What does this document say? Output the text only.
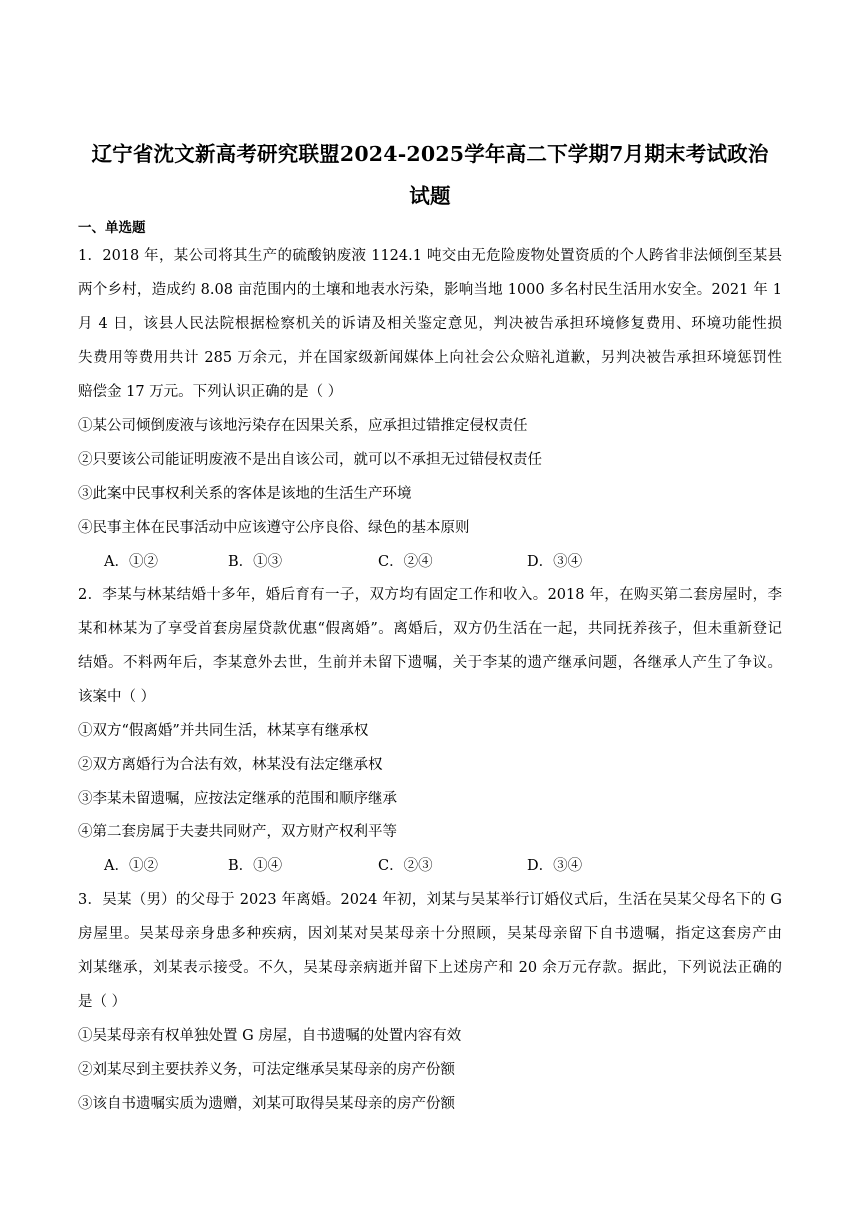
辽宁省沈文新高考研究联盟2024-2025学年高二下学期7月期末考试政治
试题
一、单选题
1．2018 年，某公司将其生产的硫酸钠废液 1124.1 吨交由无危险废物处置资质的个人跨省非法倾倒至某县
两个乡村，造成约 8.08 亩范围内的土壤和地表水污染，影响当地 1000 多名村民生活用水安全。2021 年 1
月 4 日，该县人民法院根据检察机关的诉请及相关鉴定意见，判决被告承担环境修复费用、环境功能性损
失费用等费用共计 285 万余元，并在国家级新闻媒体上向社会公众赔礼道歉，另判决被告承担环境惩罚性
赔偿金 17 万元。下列认识正确的是（ ）
①某公司倾倒废液与该地污染存在因果关系，应承担过错推定侵权责任
②只要该公司能证明废液不是出自该公司，就可以不承担无过错侵权责任
③此案中民事权利关系的客体是该地的生活生产环境
④民事主体在民事活动中应该遵守公序良俗、绿色的基本原则
A．①②	B．①③	C．②④	D．③④
2．李某与林某结婚十多年，婚后育有一子，双方均有固定工作和收入。2018 年，在购买第二套房屋时，李
某和林某为了享受首套房屋贷款优惠“假离婚”。离婚后，双方仍生活在一起，共同抚养孩子，但未重新登记
结婚。不料两年后，李某意外去世，生前并未留下遗嘱，关于李某的遗产继承问题，各继承人产生了争议。
该案中（ ）
①双方“假离婚”并共同生活，林某享有继承权
②双方离婚行为合法有效，林某没有法定继承权
③李某未留遗嘱，应按法定继承的范围和顺序继承
④第二套房属于夫妻共同财产，双方财产权利平等
A．①②	B．①④	C．②③	D．③④
3．吴某（男）的父母于 2023 年离婚。2024 年初，刘某与吴某举行订婚仪式后，生活在吴某父母名下的 G
房屋里。吴某母亲身患多种疾病，因刘某对吴某母亲十分照顾，吴某母亲留下自书遗嘱，指定这套房产由
刘某继承，刘某表示接受。不久，吴某母亲病逝并留下上述房产和 20 余万元存款。据此，下列说法正确的
是（ ）
①吴某母亲有权单独处置 G 房屋，自书遗嘱的处置内容有效
②刘某尽到主要扶养义务，可法定继承吴某母亲的房产份额
③该自书遗嘱实质为遗赠，刘某可取得吴某母亲的房产份额
